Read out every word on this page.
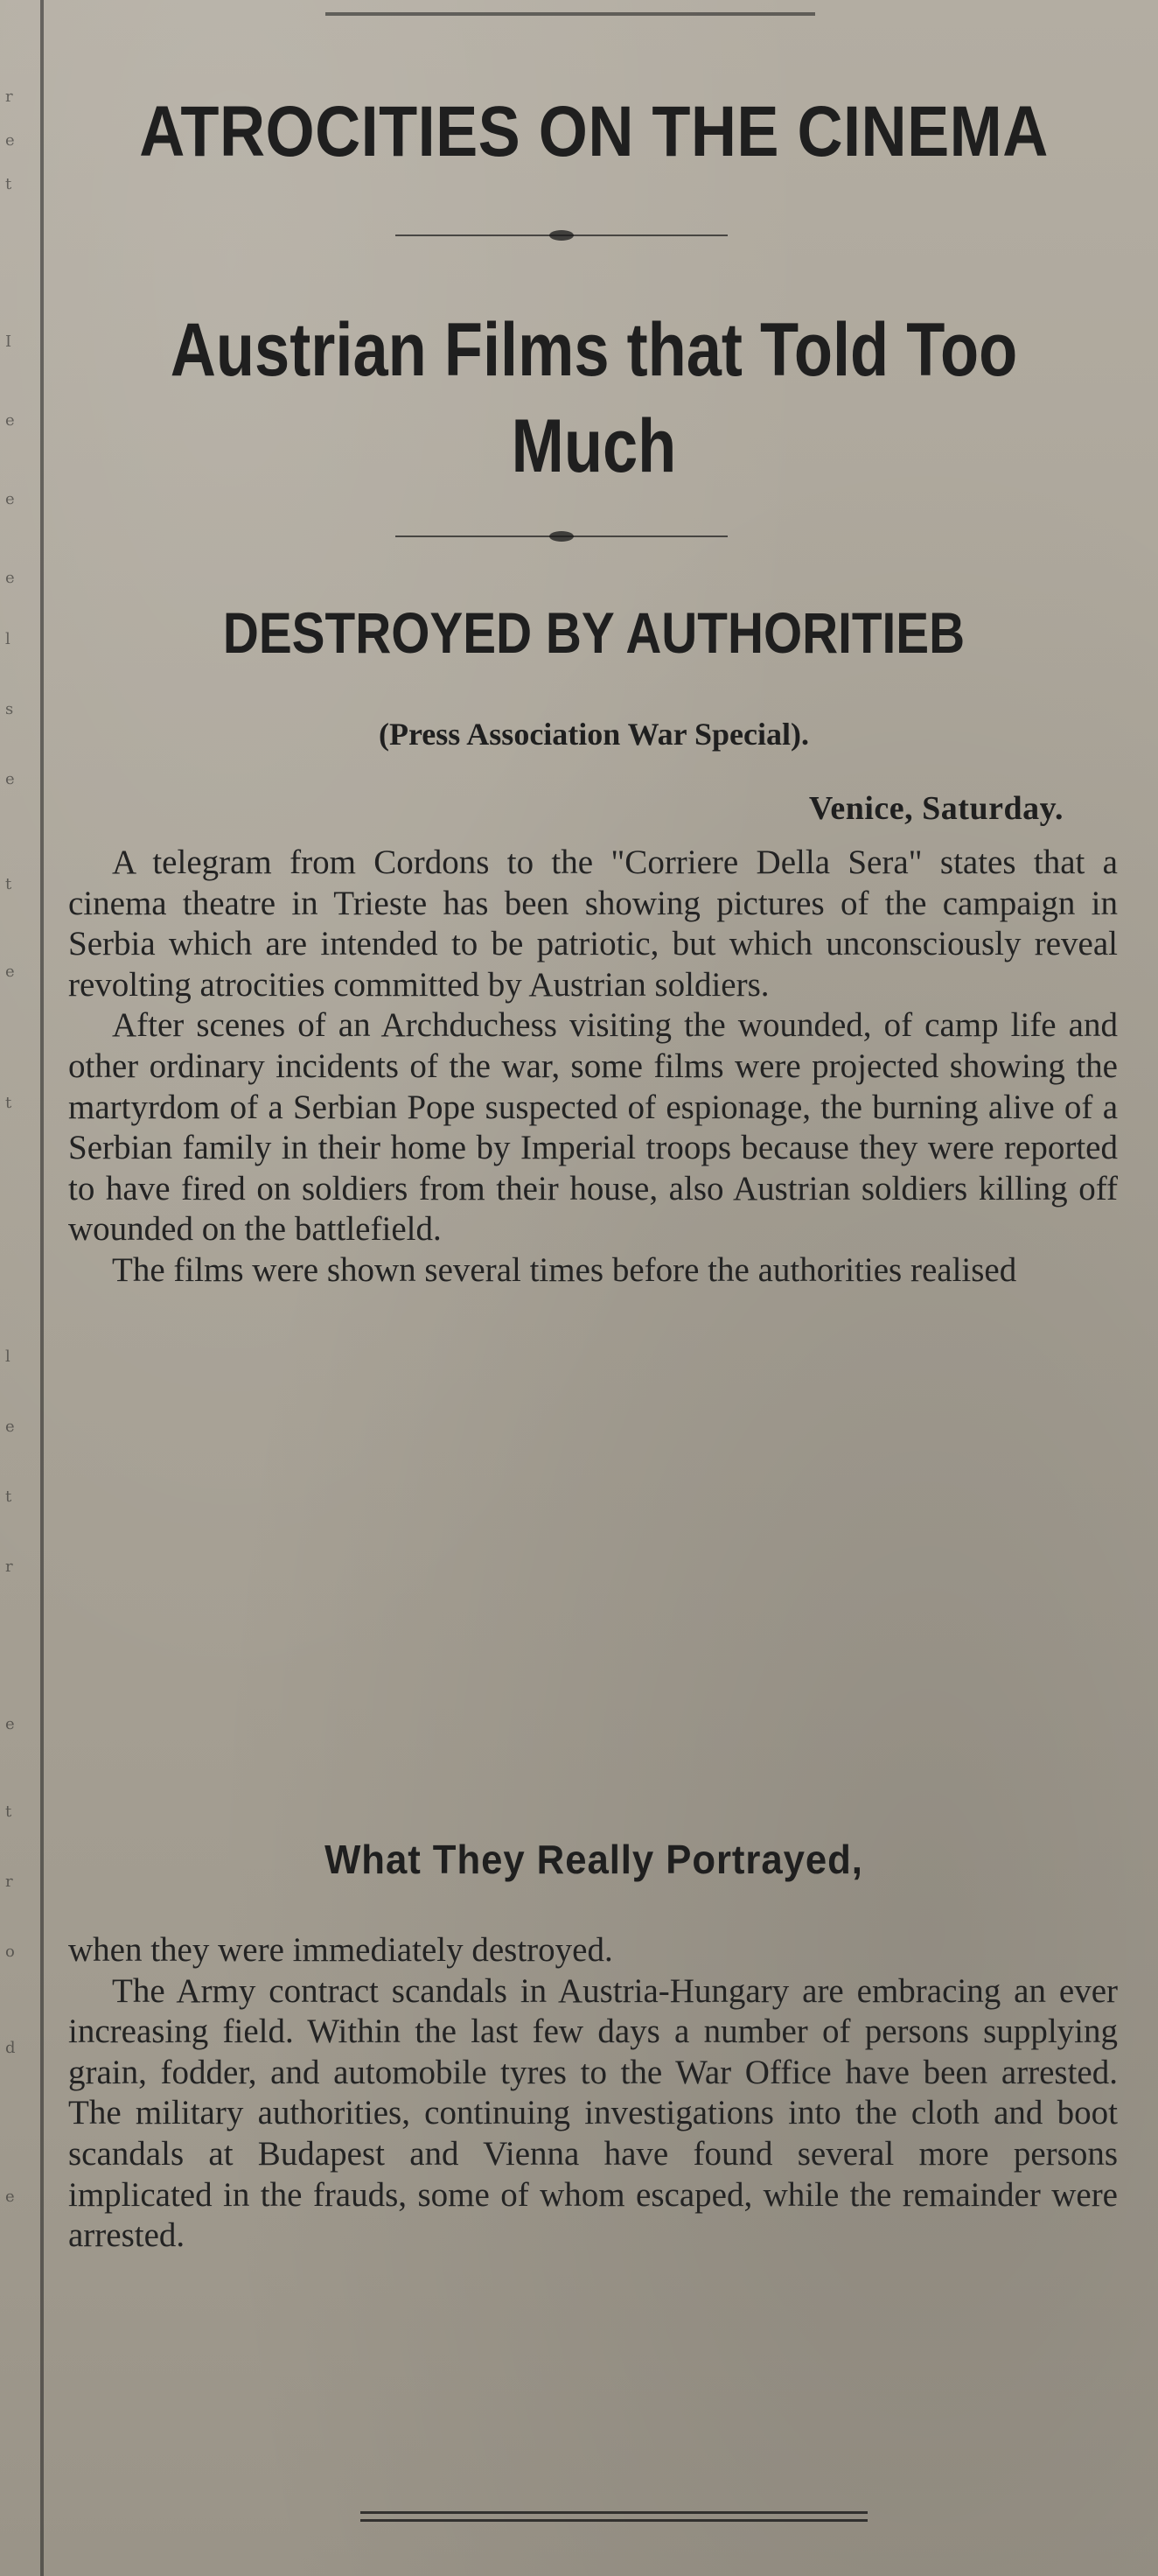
r
e
t
I
e
e
e
l
s
e
t
e
t
l
e
t
r
e
t
r
o
d
e
ATROCITIES ON THE CINEMA
Austrian Films that Told Too
Much
DESTROYED BY AUTHORITIEB
(Press Association War Special).
Venice, Saturday.

A telegram from Cordons to the "Corriere Della Sera" states that a cinema theatre in Trieste has been showing pictures of the campaign in Serbia which are intended to be patriotic, but which unconsciously reveal revolting atrocities committed by Austrian soldiers.

After scenes of an Archduchess visiting the wounded, of camp life and other ordinary incidents of the war, some films were projected showing the martyrdom of a Serbian Pope suspected of espionage, the burning alive of a Serbian family in their home by Imperial troops because they were reported to have fired on soldiers from their house, also Austrian soldiers killing off wounded on the battlefield.

The films were shown several times before the authorities realised

What They Really Portrayed,

when they were immediately destroyed.

The Army contract scandals in Austria-Hungary are embracing an ever increasing field. Within the last few days a number of persons supplying grain, fodder, and automobile tyres to the War Office have been arrested. The military authorities, continuing investigations into the cloth and boot scandals at Budapest and Vienna have found several more persons implicated in the frauds, some of whom escaped, while the remainder were arrested.
